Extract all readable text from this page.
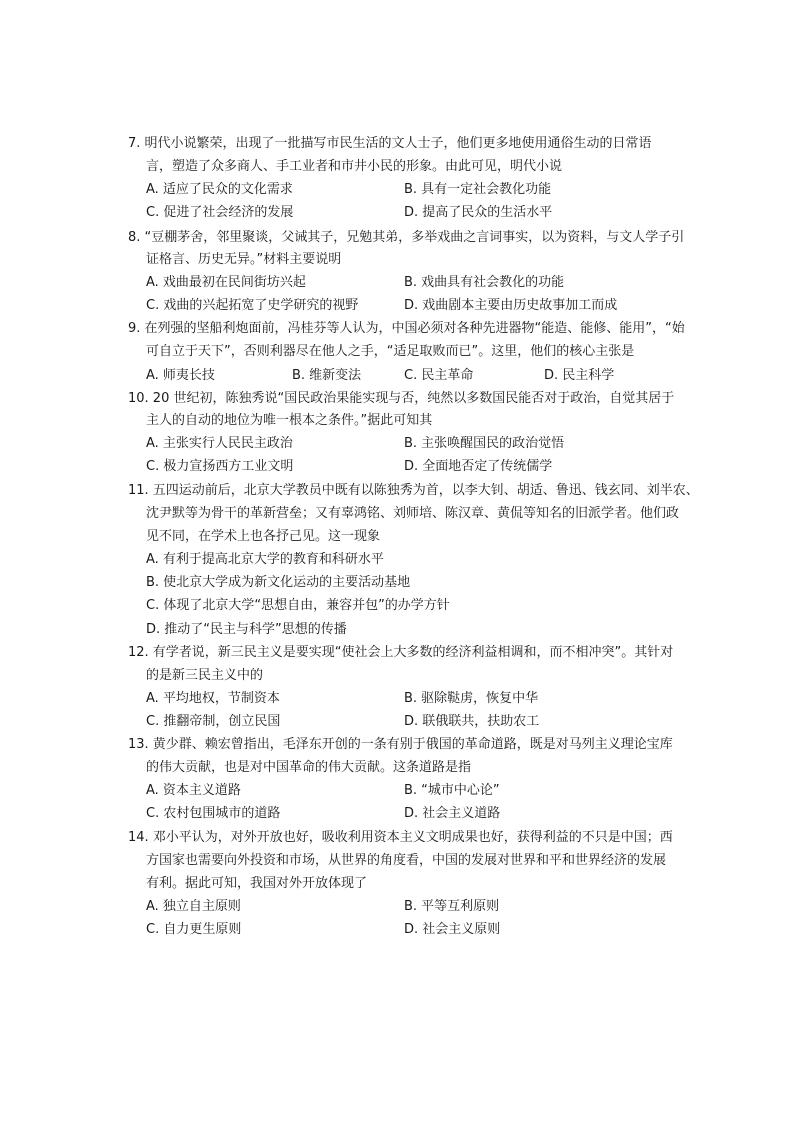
7. 明代小说繁荣，出现了一批描写市民生活的文人士子，他们更多地使用通俗生动的日常语
言，塑造了众多商人、手工业者和市井小民的形象。由此可见，明代小说
A. 适应了民众的文化需求	B. 具有一定社会教化功能
C. 促进了社会经济的发展	D. 提高了民众的生活水平
8. “豆棚茅舍，邻里聚谈，父诫其子，兄勉其弟，多举戏曲之言词事实，以为资料，与文人学子引
证格言、历史无异。”材料主要说明
A. 戏曲最初在民间街坊兴起	B. 戏曲具有社会教化的功能
C. 戏曲的兴起拓宽了史学研究的视野	D. 戏曲剧本主要由历史故事加工而成
9. 在列强的坚船利炮面前，冯桂芬等人认为，中国必须对各种先进器物“能造、能修、能用”，“始
可自立于天下”，否则利器尽在他人之手，“适足取败而已”。这里，他们的核心主张是
A. 师夷长技	B. 维新变法	C. 民主革命	D. 民主科学
10. 20 世纪初，陈独秀说“国民政治果能实现与否，纯然以多数国民能否对于政治，自觉其居于
主人的自动的地位为唯一根本之条件。”据此可知其
A. 主张实行人民民主政治	B. 主张唤醒国民的政治觉悟
C. 极力宣扬西方工业文明	D. 全面地否定了传统儒学
11. 五四运动前后，北京大学教员中既有以陈独秀为首，以李大钊、胡适、鲁迅、钱玄同、刘半农、
沈尹默等为骨干的革新营垒；又有辜鸿铭、刘师培、陈汉章、黄侃等知名的旧派学者。他们政
见不同，在学术上也各抒己见。这一现象
A. 有利于提高北京大学的教育和科研水平
B. 使北京大学成为新文化运动的主要活动基地
C. 体现了北京大学“思想自由，兼容并包”的办学方针
D. 推动了“民主与科学”思想的传播
12. 有学者说，新三民主义是要实现“使社会上大多数的经济利益相调和，而不相冲突”。其针对
的是新三民主义中的
A. 平均地权，节制资本	B. 驱除鞑虏，恢复中华
C. 推翻帝制，创立民国	D. 联俄联共，扶助农工
13. 黄少群、赖宏曾指出，毛泽东开创的一条有别于俄国的革命道路，既是对马列主义理论宝库
的伟大贡献，也是对中国革命的伟大贡献。这条道路是指
A. 资本主义道路	B. “城市中心论”
C. 农村包围城市的道路	D. 社会主义道路
14. 邓小平认为，对外开放也好，吸收利用资本主义文明成果也好，获得利益的不只是中国；西
方国家也需要向外投资和市场，从世界的角度看，中国的发展对世界和平和世界经济的发展
有利。据此可知，我国对外开放体现了
A. 独立自主原则	B. 平等互利原则
C. 自力更生原则	D. 社会主义原则
